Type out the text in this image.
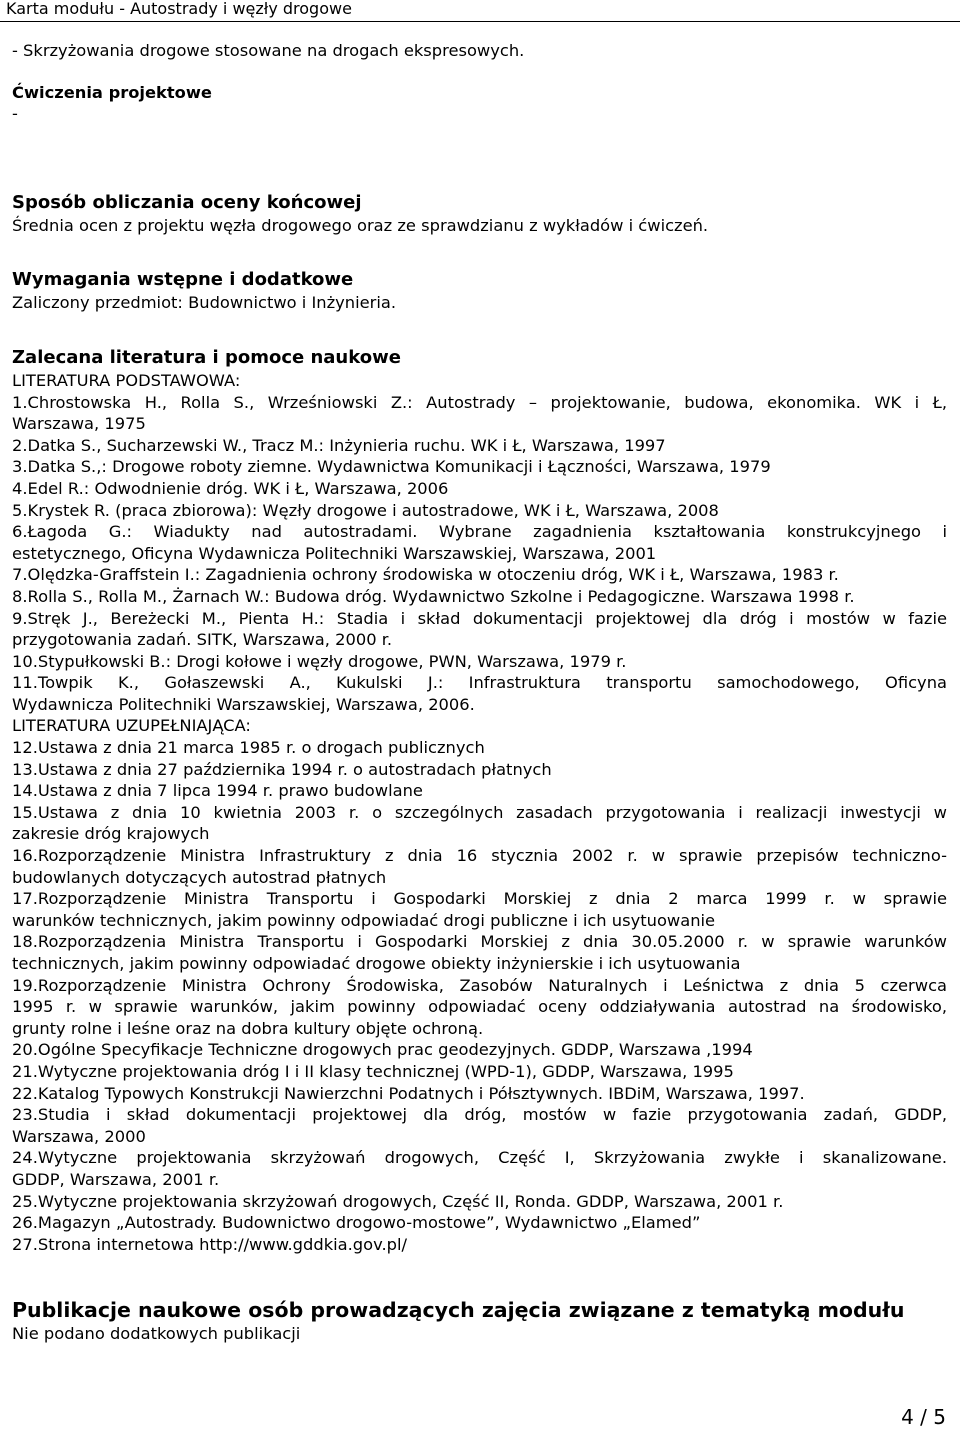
Karta modułu - Autostrady i węzły drogowe
- Skrzyżowania drogowe stosowane na drogach ekspresowych.
Ćwiczenia projektowe
-
Sposób obliczania oceny końcowej
Średnia ocen z projektu węzła drogowego oraz ze sprawdzianu z wykładów i ćwiczeń.
Wymagania wstępne i dodatkowe
Zaliczony przedmiot: Budownictwo i Inżynieria.
Zalecana literatura i pomoce naukowe
LITERATURA PODSTAWOWA:
1.Chrostowska H., Rolla S., Wrześniowski Z.: Autostrady – projektowanie, budowa, ekonomika. WK i Ł,
Warszawa, 1975
2.Datka S., Sucharzewski W., Tracz M.: Inżynieria ruchu. WK i Ł, Warszawa, 1997
3.Datka S.,: Drogowe roboty ziemne. Wydawnictwa Komunikacji i Łączności, Warszawa, 1979
4.Edel R.: Odwodnienie dróg. WK i Ł, Warszawa, 2006
5.Krystek R. (praca zbiorowa): Węzły drogowe i autostradowe, WK i Ł, Warszawa, 2008
6.Łagoda G.: Wiadukty nad autostradami. Wybrane zagadnienia kształtowania konstrukcyjnego i
estetycznego, Oficyna Wydawnicza Politechniki Warszawskiej, Warszawa, 2001
7.Olędzka-Graffstein I.: Zagadnienia ochrony środowiska w otoczeniu dróg, WK i Ł, Warszawa, 1983 r.
8.Rolla S., Rolla M., Żarnach W.: Budowa dróg. Wydawnictwo Szkolne i Pedagogiczne. Warszawa 1998 r.
9.Stręk J., Bereżecki M., Pienta H.: Stadia i skład dokumentacji projektowej dla dróg i mostów w fazie
przygotowania zadań. SITK, Warszawa, 2000 r.
10.Stypułkowski B.: Drogi kołowe i węzły drogowe, PWN, Warszawa, 1979 r.
11.Towpik K., Gołaszewski A., Kukulski J.: Infrastruktura transportu samochodowego, Oficyna
Wydawnicza Politechniki Warszawskiej, Warszawa, 2006.
LITERATURA UZUPEŁNIAJĄCA:
12.Ustawa z dnia 21 marca 1985 r. o drogach publicznych
13.Ustawa z dnia 27 października 1994 r. o autostradach płatnych
14.Ustawa z dnia 7 lipca 1994 r. prawo budowlane
15.Ustawa z dnia 10 kwietnia 2003 r. o szczególnych zasadach przygotowania i realizacji inwestycji w
zakresie dróg krajowych
16.Rozporządzenie Ministra Infrastruktury z dnia 16 stycznia 2002 r. w sprawie przepisów techniczno-
budowlanych dotyczących autostrad płatnych
17.Rozporządzenie Ministra Transportu i Gospodarki Morskiej z dnia 2 marca 1999 r. w sprawie
warunków technicznych, jakim powinny odpowiadać drogi publiczne i ich usytuowanie
18.Rozporządzenia Ministra Transportu i Gospodarki Morskiej z dnia 30.05.2000 r. w sprawie warunków
technicznych, jakim powinny odpowiadać drogowe obiekty inżynierskie i ich usytuowania
19.Rozporządzenie Ministra Ochrony Środowiska, Zasobów Naturalnych i Leśnictwa z dnia 5 czerwca
1995 r. w sprawie warunków, jakim powinny odpowiadać oceny oddziaływania autostrad na środowisko,
grunty rolne i leśne oraz na dobra kultury objęte ochroną.
20.Ogólne Specyfikacje Techniczne drogowych prac geodezyjnych. GDDP, Warszawa ,1994
21.Wytyczne projektowania dróg I i II klasy technicznej (WPD-1), GDDP, Warszawa, 1995
22.Katalog Typowych Konstrukcji Nawierzchni Podatnych i Półsztywnych. IBDiM, Warszawa, 1997.
23.Studia i skład dokumentacji projektowej dla dróg, mostów w fazie przygotowania zadań, GDDP,
Warszawa, 2000
24.Wytyczne projektowania skrzyżowań drogowych, Część I, Skrzyżowania zwykłe i skanalizowane.
GDDP, Warszawa, 2001 r.
25.Wytyczne projektowania skrzyżowań drogowych, Część II, Ronda. GDDP, Warszawa, 2001 r.
26.Magazyn „Autostrady. Budownictwo drogowo-mostowe”, Wydawnictwo „Elamed”
27.Strona internetowa http://www.gddkia.gov.pl/
Publikacje naukowe osób prowadzących zajęcia związane z tematyką modułu
Nie podano dodatkowych publikacji
4 / 5
